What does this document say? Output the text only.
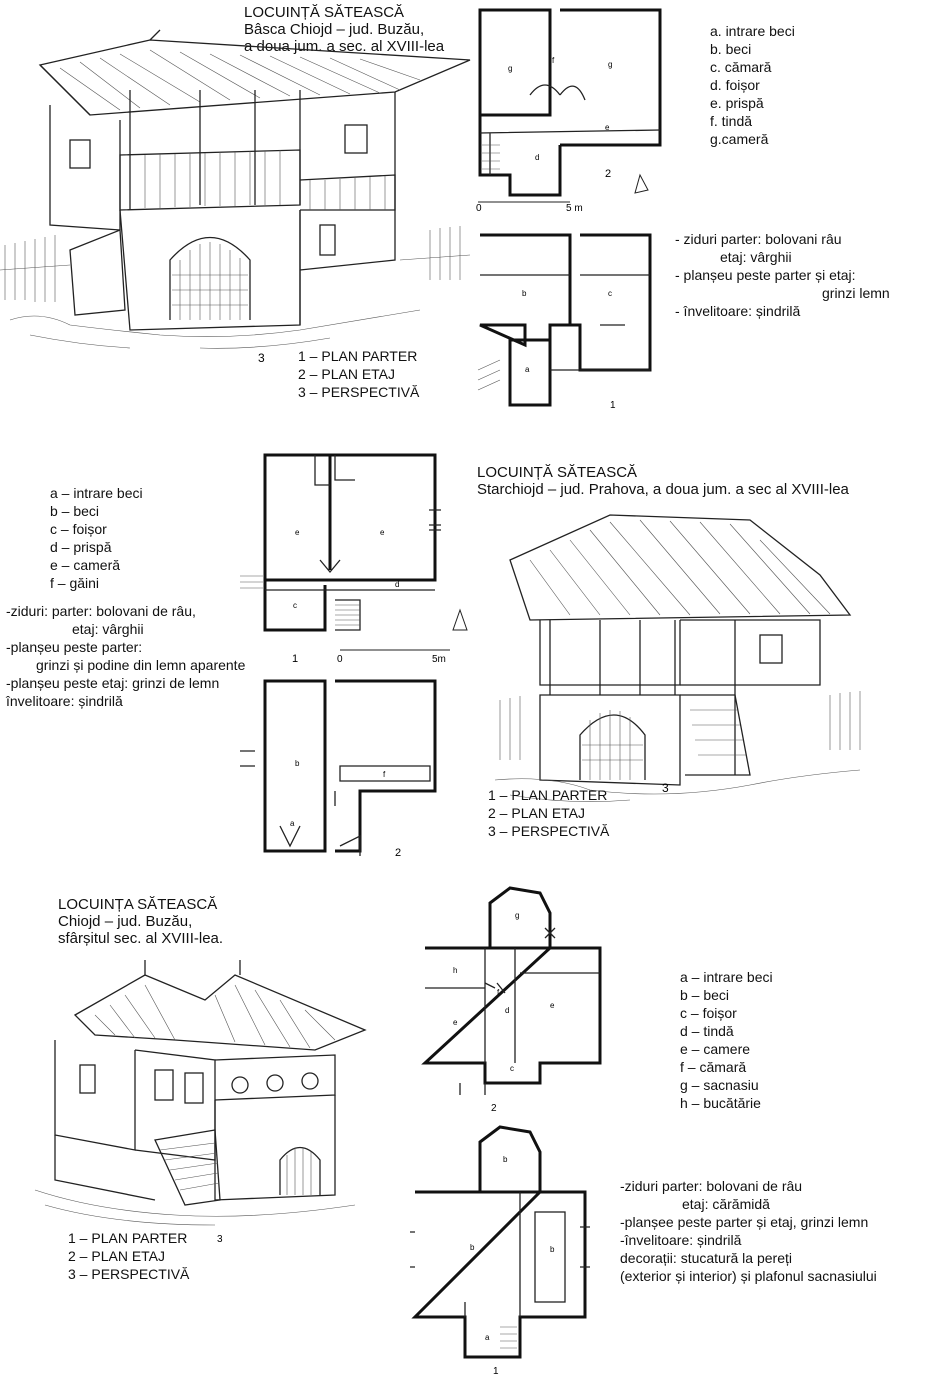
LOCUINȚĂ SĂTEASCĂ
Bâsca Chiojd – jud. Buzău,
a doua jum. a sec. al XVIII-lea
3
g	g
f
e
d
2
0	5 m
a. intrare beci
b. beci
c. cămară
d. foișor
e. prispă
f. tindă
g.cameră
b	c
a
1
- ziduri parter: bolovani râu
etaj: vârghii
- planșeu peste parter și etaj:
grinzi lemn
- învelitoare: șindrilă
1 – PLAN PARTER
2 – PLAN ETAJ
3 – PERSPECTIVĂ
a – intrare beci
b – beci
c – foișor
d – prispă
e – cameră
f – găini
-ziduri: parter: bolovani de râu,
etaj: vârghii
-planșeu peste parter:
grinzi și podine din lemn aparente
-planșeu peste etaj: grinzi de lemn
învelitoare: șindrilă
e	e
c
d
1	0	5m
b
a
f
2
LOCUINȚĂ SĂTEASCĂ
Starchiojd – jud. Prahova, a doua jum. a sec al XVIII-lea
3
1 – PLAN PARTER
2 – PLAN ETAJ
3 – PERSPECTIVĂ
LOCUINȚA SĂTEASCĂ
Chiojd – jud. Buzău,
sfârșitul sec. al XVIII-lea.
3
1 – PLAN PARTER
2 – PLAN ETAJ
3 – PERSPECTIVĂ
g
h
e
e
d
f
c
2
a – intrare beci
b – beci
c – foișor
d – tindă
e – camere
f – cămară
g – sacnasiu
h – bucătărie
b
b	b
a
1
-ziduri parter: bolovani de râu
etaj: cărămidă
-planșee peste parter și etaj, grinzi lemn
-învelitoare: șindrilă
decorații: stucatură la pereți
(exterior și interior) și plafonul sacnasiului
